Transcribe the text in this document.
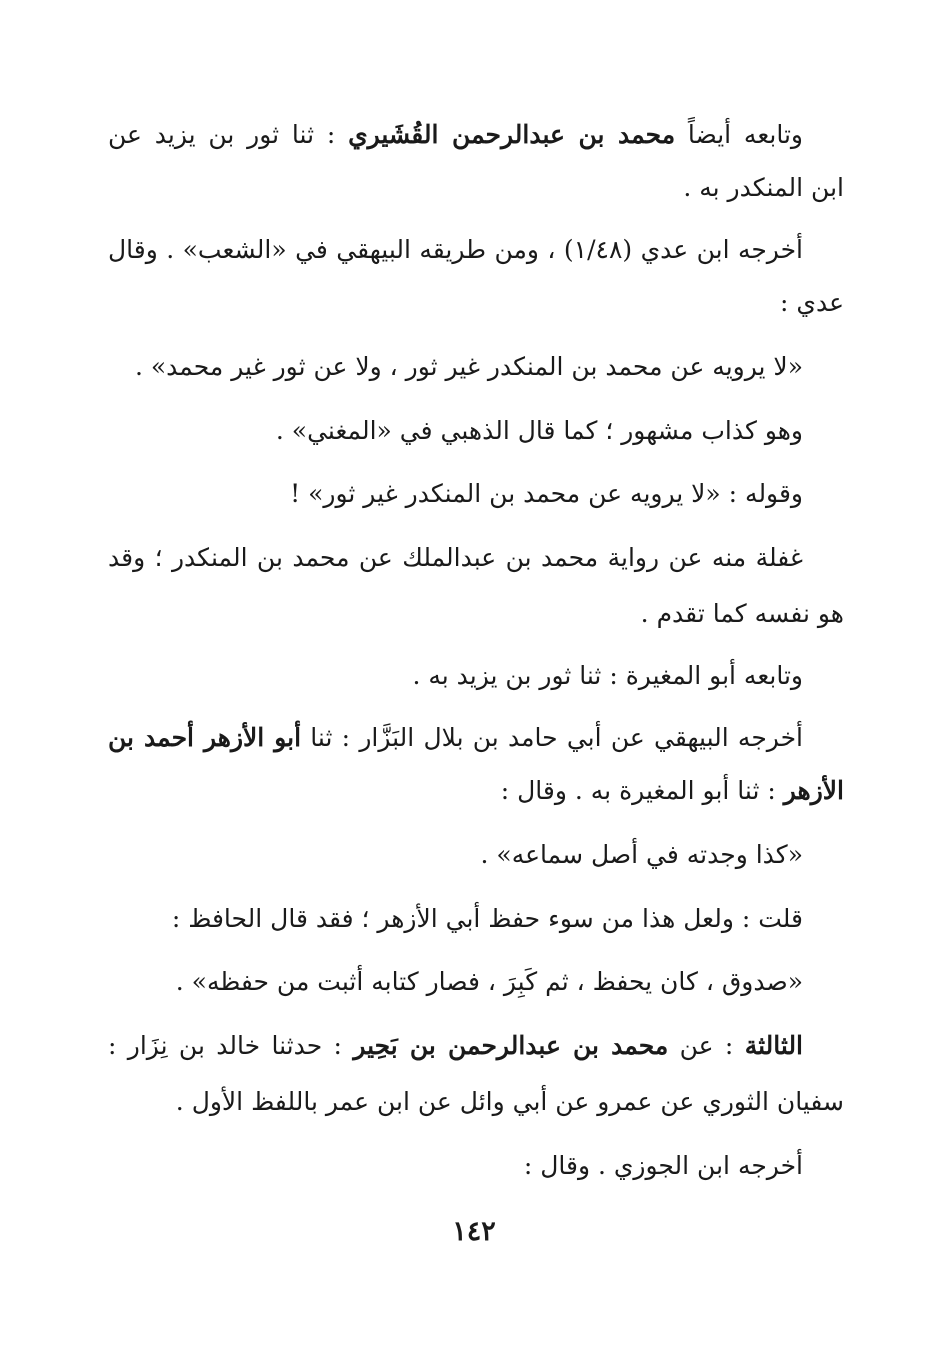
وتابعه أيضاً محمد بن عبدالرحمن القُشَيري : ثنا ثور بن يزيد عن
ابن المنكدر به .
أخرجه ابن عدي (١/٤٨) ، ومن طريقه البيهقي في «الشعب» . وقال
عدي :
«لا يرويه عن محمد بن المنكدر غير ثور ، ولا عن ثور غير محمد» .
وهو كذاب مشهور ؛ كما قال الذهبي في «المغني» .
وقوله : «لا يرويه عن محمد بن المنكدر غير ثور» !
غفلة منه عن رواية محمد بن عبدالملك عن محمد بن المنكدر ؛ وقد
هو نفسه كما تقدم .
وتابعه أبو المغيرة : ثنا ثور بن يزيد به .
أخرجه البيهقي عن أبي حامد بن بلال البَزَّار : ثنا أبو الأزهر أحمد بن
الأزهر : ثنا أبو المغيرة به . وقال :
«كذا وجدته في أصل سماعه» .
قلت : ولعل هذا من سوء حفظ أبي الأزهر ؛ فقد قال الحافظ :
«صدوق ، كان يحفظ ، ثم كَبِرَ ، فصار كتابه أثبت من حفظه» .
الثالثة : عن محمد بن عبدالرحمن بن بَحِير : حدثنا خالد بن نِزَار :
سفيان الثوري عن عمرو عن أبي وائل عن ابن عمر باللفظ الأول .
أخرجه ابن الجوزي . وقال :
١٤٢
